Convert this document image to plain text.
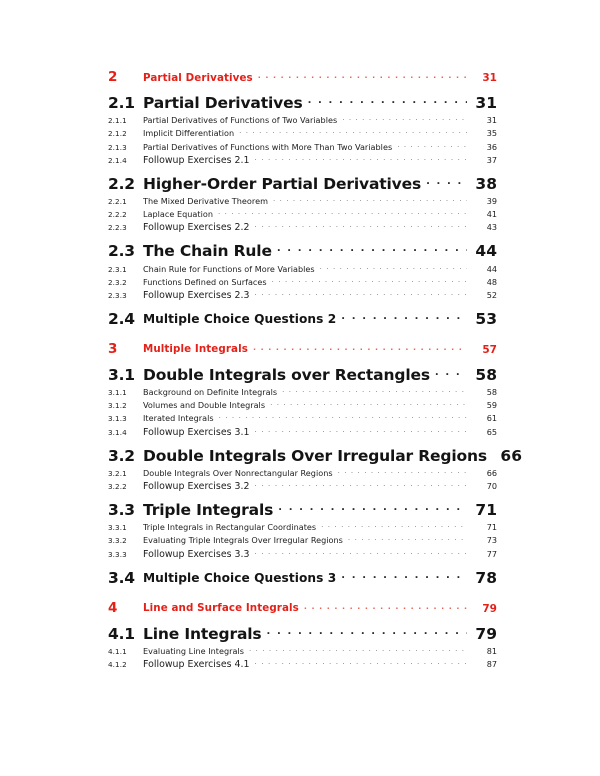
2	Partial Derivatives . . .	31
2.1 Partial Derivatives . . .	31
2.1.1	Partial Derivatives of Functions of Two Variables . . .	31
2.1.2	Implicit Differentiation . . .	35
2.1.3	Partial Derivatives of Functions with More Than Two Variables . . .	36
2.1.4	Followup Exercises 2.1 . . .	37
2.2 Higher-Order Partial Derivatives . . .	38
2.2.1	The Mixed Derivative Theorem . . .	39
2.2.2	Laplace Equation . . .	41
2.2.3	Followup Exercises 2.2 . . .	43
2.3 The Chain Rule . . .	44
2.3.1	Chain Rule for Functions of More Variables . . .	44
2.3.2	Functions Defined on Surfaces . . .	48
2.3.3	Followup Exercises 2.3 . . .	52
2.4 Multiple Choice Questions 2 . . .	53
3	Multiple Integrals . . .	57
3.1 Double Integrals over Rectangles . . .	58
3.1.1	Background on Definite Integrals . . .	58
3.1.2	Volumes and Double Integrals . . .	59
3.1.3	Iterated Integrals . . .	61
3.1.4	Followup Exercises 3.1 . . .	65
3.2 Double Integrals Over Irregular Regions 66
3.2.1	Double Integrals Over Nonrectangular Regions . . .	66
3.2.2	Followup Exercises 3.2 . . .	70
3.3 Triple Integrals . . .	71
3.3.1	Triple Integrals in Rectangular Coordinates . . .	71
3.3.2	Evaluating Triple Integrals Over Irregular Regions . . .	73
3.3.3	Followup Exercises 3.3 . . .	77
3.4 Multiple Choice Questions 3 . . .	78
4	Line and Surface Integrals . . .	79
4.1 Line Integrals . . .	79
4.1.1	Evaluating Line Integrals . . .	81
4.1.2	Followup Exercises 4.1 . . .	87
